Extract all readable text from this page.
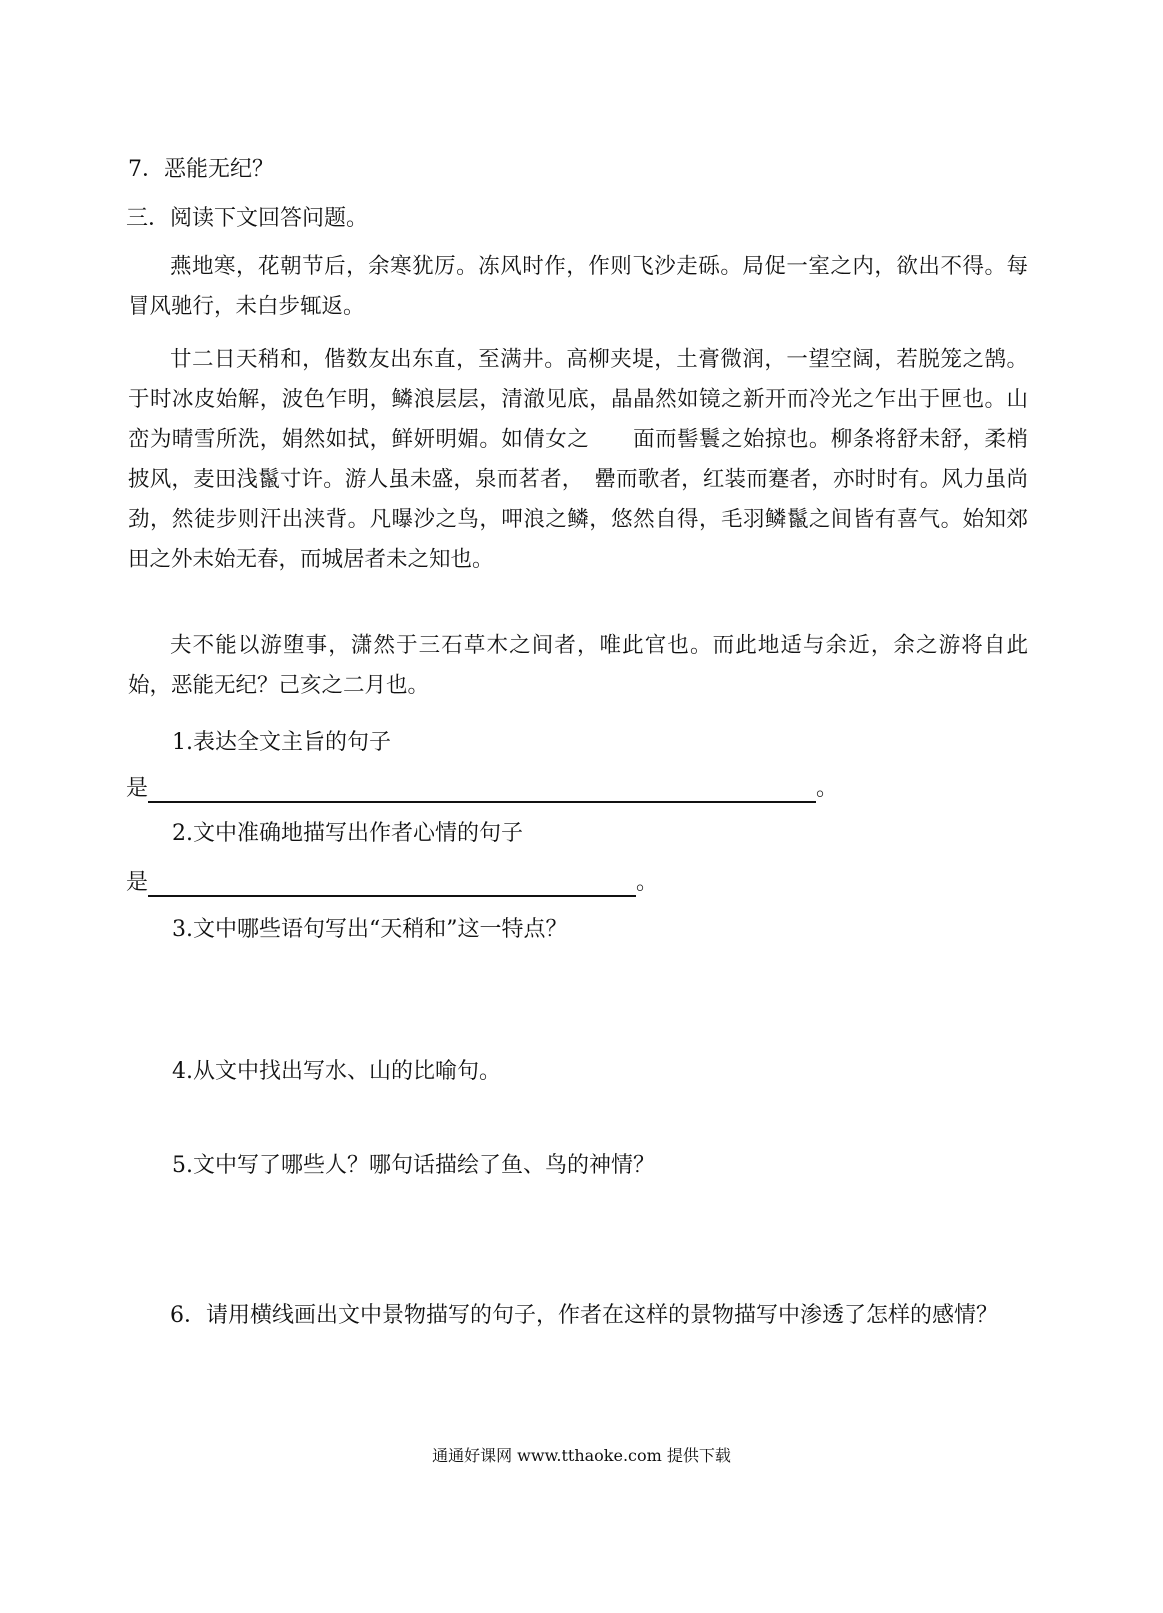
7．恶能无纪？
三．阅读下文回答问题。
燕地寒，花朝节后，余寒犹厉。冻风时作，作则飞沙走砾。局促一室之内，欲出不得。每冒风驰行，未白步辄返。
廿二日天稍和，偕数友出东直，至满井。高柳夹堤，土膏微润，一望空阔，若脱笼之鹄。于时冰皮始解，波色乍明，鳞浪层层，清澈见底，晶晶然如镜之新开而冷光之乍出于匣也。山峦为晴雪所洗，娟然如拭，鲜妍明媚。如倩女之　　面而髻鬟之始掠也。柳条将舒未舒，柔梢披风，麦田浅鬣寸许。游人虽未盛，泉而茗者，　罍而歌者，红装而蹇者，亦时时有。风力虽尚劲，然徒步则汗出浃背。凡曝沙之鸟，呷浪之鳞，悠然自得，毛羽鳞鬣之间皆有喜气。始知郊田之外未始无春，而城居者未之知也。
夫不能以游堕事，潇然于三石草木之间者，唯此官也。而此地适与余近，余之游将自此始，恶能无纪？己亥之二月也。
1.表达全文主旨的句子
是	。
2.文中准确地描写出作者心情的句子
是	。
3.文中哪些语句写出“天稍和”这一特点？
4.从文中找出写水、山的比喻句。
5.文中写了哪些人？哪句话描绘了鱼、鸟的神情？
6．请用横线画出文中景物描写的句子，作者在这样的景物描写中渗透了怎样的感情？
通通好课网 www.tthaoke.com 提供下载
